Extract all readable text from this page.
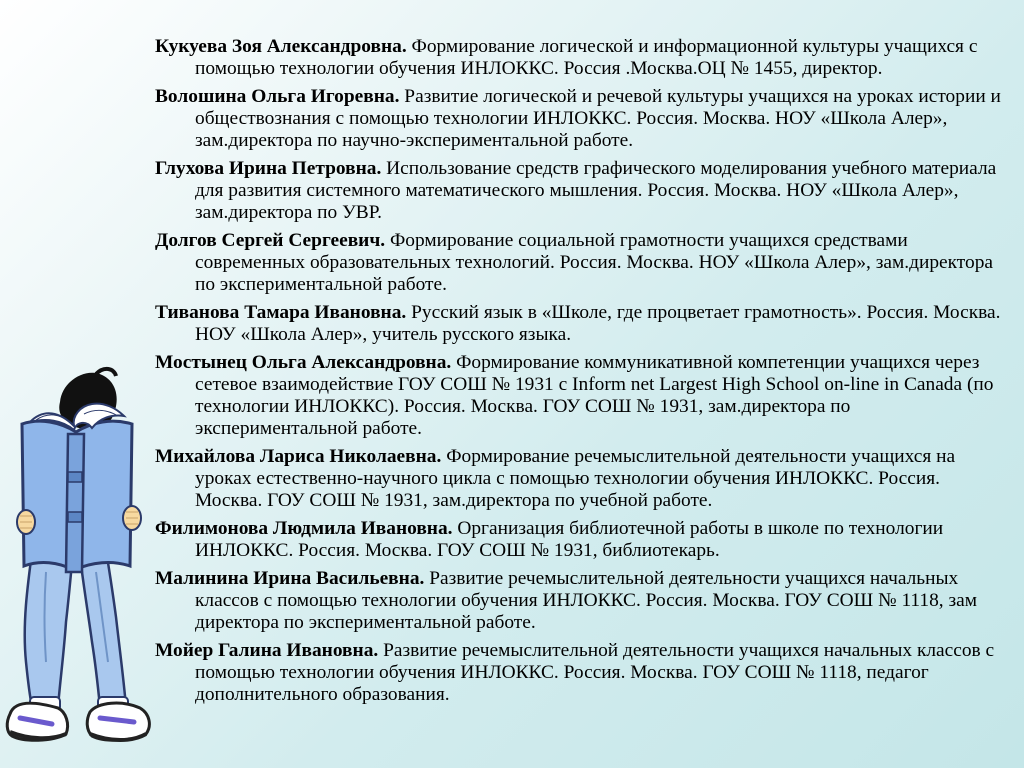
Кукуева Зоя Александровна. Формирование логической и информационной культуры учащихся с помощью технологии обучения ИНЛОККС. Россия .Москва.ОЦ № 1455, директор.
Волошина Ольга Игоревна. Развитие логической и речевой культуры учащихся на уроках истории и обществознания с помощью технологии ИНЛОККС. Россия. Москва. НОУ «Школа Алер», зам.директора по научно-экспериментальной работе.
Глухова Ирина Петровна. Использование средств графического моделирования учебного материала для развития системного математического мышления. Россия. Москва. НОУ «Школа Алер», зам.директора по УВР.
Долгов Сергей Сергеевич. Формирование социальной грамотности учащихся средствами современных образовательных технологий. Россия. Москва. НОУ «Школа Алер», зам.директора по экспериментальной работе.
Тиванова Тамара Ивановна. Русский язык в «Школе, где процветает грамотность». Россия. Москва. НОУ «Школа Алер», учитель русского языка.
Мостынец Ольга Александровна. Формирование коммуникативной компетенции учащихся через сетевое взаимодействие ГОУ СОШ № 1931 с Inform net Largest High School on-line in Canada (по технологии ИНЛОККС). Россия. Москва. ГОУ СОШ № 1931, зам.директора по экспериментальной работе.
Михайлова Лариса Николаевна. Формирование речемыслительной деятельности учащихся на уроках естественно-научного цикла с помощью технологии обучения ИНЛОККС. Россия. Москва. ГОУ СОШ № 1931, зам.директора по учебной работе.
Филимонова Людмила Ивановна. Организация библиотечной работы в школе по технологии ИНЛОККС. Россия. Москва. ГОУ СОШ № 1931, библиотекарь.
Малинина Ирина Васильевна. Развитие речемыслительной деятельности учащихся начальных классов с помощью технологии обучения ИНЛОККС. Россия. Москва. ГОУ СОШ № 1118, зам директора по экспериментальной работе.
Мойер Галина Ивановна. Развитие речемыслительной деятельности учащихся начальных классов с помощью технологии обучения ИНЛОККС. Россия. Москва. ГОУ СОШ № 1118, педагог дополнительного образования.
